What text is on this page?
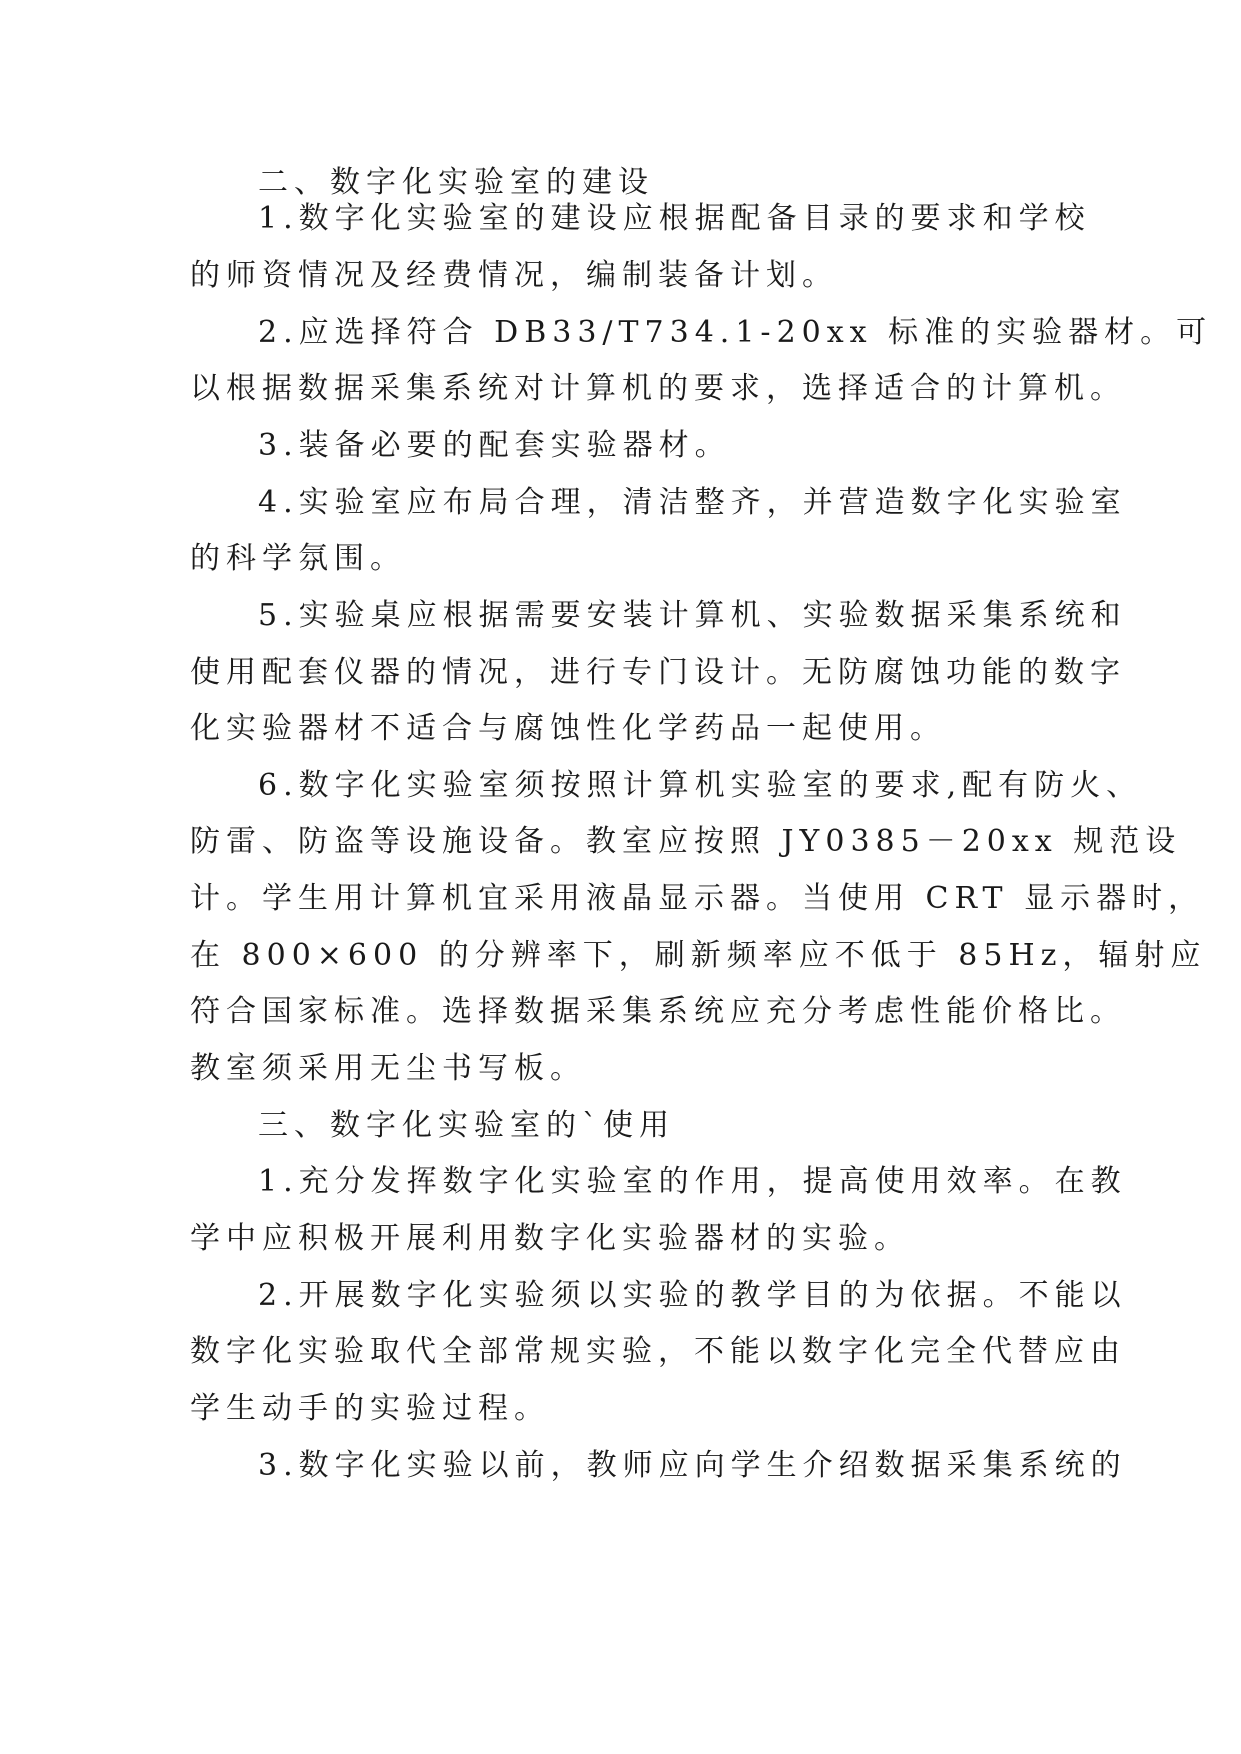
二、数字化实验室的建设
1.数字化实验室的建设应根据配备目录的要求和学校
的师资情况及经费情况，编制装备计划。
2.应选择符合 DB33/T734.1-20xx 标准的实验器材。可
以根据数据采集系统对计算机的要求，选择适合的计算机。
3.装备必要的配套实验器材。
4.实验室应布局合理，清洁整齐，并营造数字化实验室
的科学氛围。
5.实验桌应根据需要安装计算机、实验数据采集系统和
使用配套仪器的情况，进行专门设计。无防腐蚀功能的数字
化实验器材不适合与腐蚀性化学药品一起使用。
6.数字化实验室须按照计算机实验室的要求,配有防火、
防雷、防盗等设施设备。教室应按照 JY0385－20xx 规范设
计。学生用计算机宜采用液晶显示器。当使用 CRT 显示器时，
在 800×600 的分辨率下，刷新频率应不低于 85Hz，辐射应
符合国家标准。选择数据采集系统应充分考虑性能价格比。
教室须采用无尘书写板。
三、数字化实验室的`使用
1.充分发挥数字化实验室的作用，提高使用效率。在教
学中应积极开展利用数字化实验器材的实验。
2.开展数字化实验须以实验的教学目的为依据。不能以
数字化实验取代全部常规实验，不能以数字化完全代替应由
学生动手的实验过程。
3.数字化实验以前，教师应向学生介绍数据采集系统的
